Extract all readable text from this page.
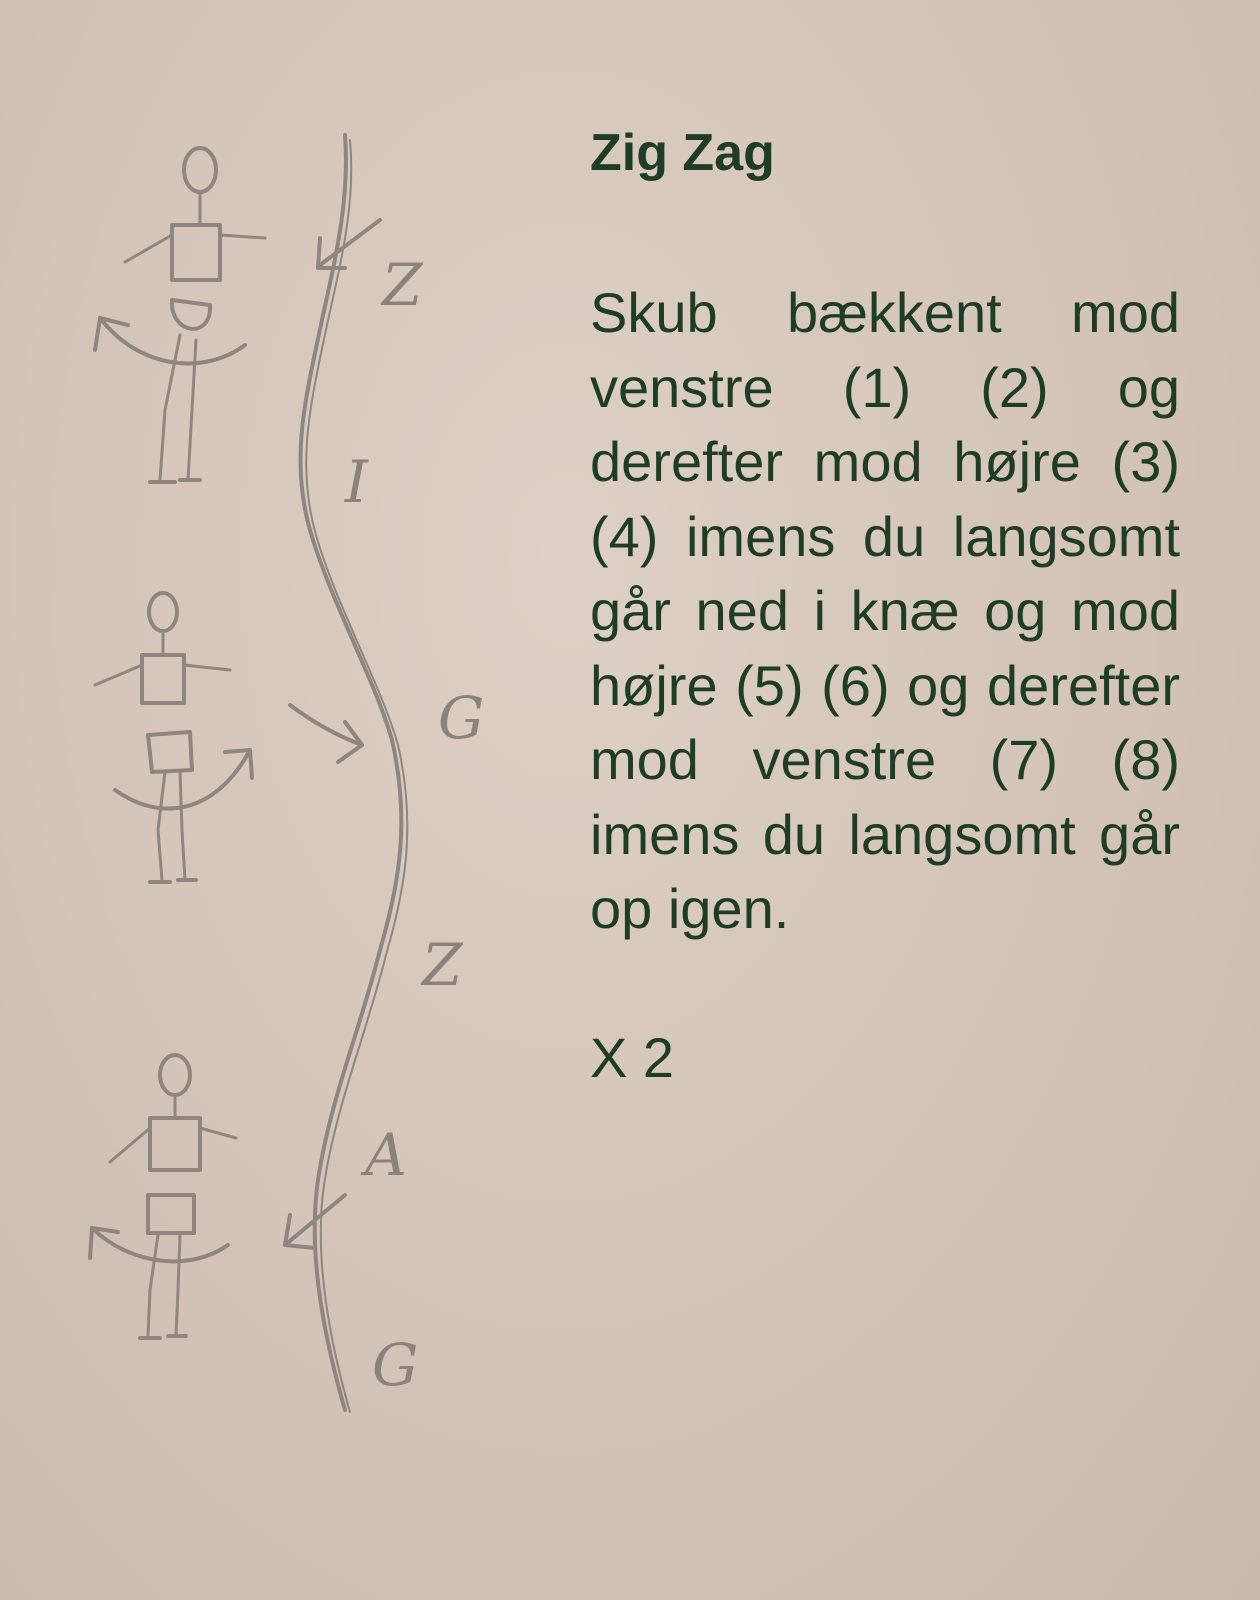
Z
I
G
Z
A
G
Zig Zag

Skub bækkent mod venstre (1) (2) og derefter mod højre (3) (4) imens du langsomt går ned i knæ og mod højre (5) (6) og derefter mod venstre (7) (8) imens du langsomt går op igen.

X 2
